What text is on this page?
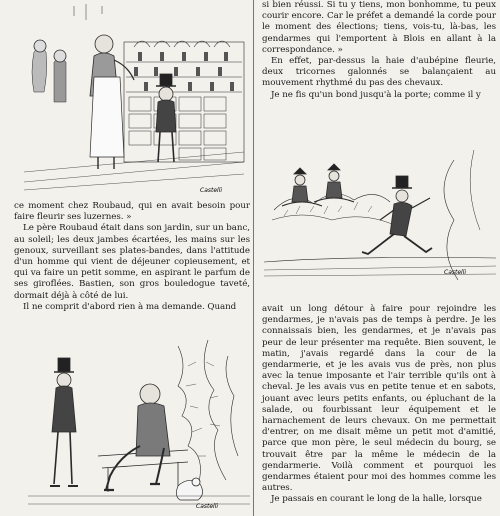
Castelli

ce moment chez Roubaud, qui en avait besoin pour faire fleurir ses luzernes. »

Le père Roubaud était dans son jardin, sur un banc, au soleil; les deux jambes écartées, les mains sur les genoux, surveillant ses plates-bandes, dans l'attitude d'un homme qui vient de déjeuner copieusement, et qui va faire un petit somme, en aspirant le parfum de ses giroflées. Bastien, son gros bouledogue taveté, dormait déjà à côté de lui.

Il ne comprit d'abord rien à ma demande. Quand

Castelli

si bien réussi. Si tu y tiens, mon bonhomme, tu peux courir encore. Car le préfet a demandé la corde pour le moment des élections; tiens, vois-tu, là-bas, les gendarmes qui l'emportent à Blois en allant à la correspondance. »

En effet, par-dessus la haie d'aubépine fleurie, deux tricornes galonnés se balançaient au mouvement rhythmé du pas des chevaux.

Je ne fis qu'un bond jusqu'à la porte; comme il y

Castelli

avait un long détour à faire pour rejoindre les gendarmes, je n'avais pas de temps à perdre. Je les connaissais bien, les gendarmes, et je n'avais pas peur de leur présenter ma requête. Bien souvent, le matin, j'avais regardé dans la cour de la gendarmerie, et je les avais vus de près, non plus avec la tenue imposante et l'air terrible qu'ils ont à cheval. Je les avais vus en petite tenue et en sabots, jouant avec leurs petits enfants, ou épluchant de la salade, ou fourbissant leur équipement et le harnachement de leurs chevaux. On me permettait d'entrer, on me disait même un petit mot d'amitié, parce que mon père, le seul médecin du bourg, se trouvait être par la même le médecin de la gendarmerie. Voilà comment et pourquoi les gendarmes étaient pour moi des hommes comme les autres.

Je passais en courant le long de la halle, lorsque
